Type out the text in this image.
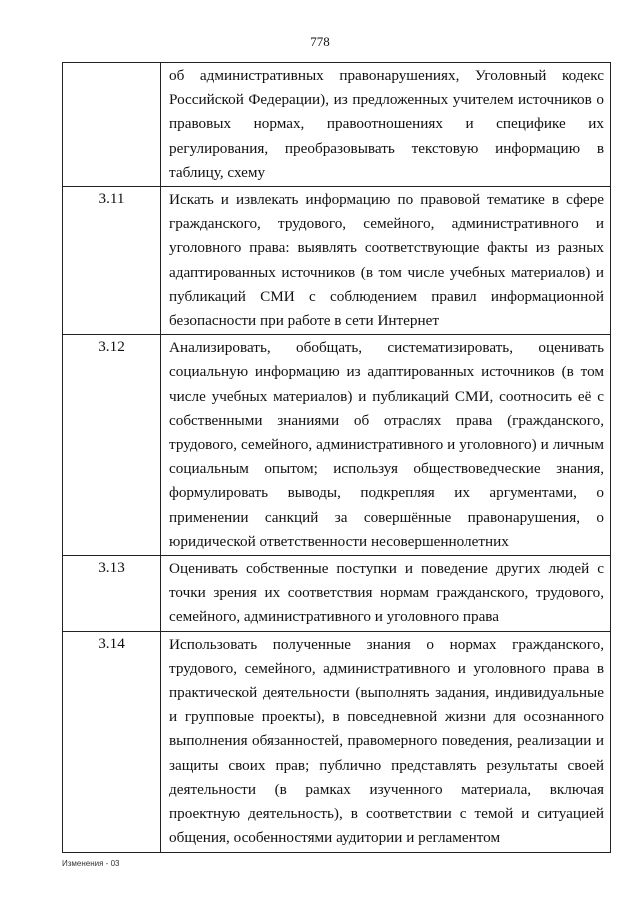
778
	об административных правонарушениях, Уголовный кодекс Российской Федерации), из предложенных учителем источников о правовых нормах, правоотношениях и специфике их регулирования, преобразовывать текстовую информацию в таблицу, схему
3.11	Искать и извлекать информацию по правовой тематике в сфере гражданского, трудового, семейного, административного и уголовного права: выявлять соответствующие факты из разных адаптированных источников (в том числе учебных материалов) и публикаций СМИ с соблюдением правил информационной безопасности при работе в сети Интернет
3.12	Анализировать, обобщать, систематизировать, оценивать социальную информацию из адаптированных источников (в том числе учебных материалов) и публикаций СМИ, соотносить её с собственными знаниями об отраслях права (гражданского, трудового, семейного, административного и уголовного) и личным социальным опытом; используя обществоведческие знания, формулировать выводы, подкрепляя их аргументами, о применении санкций за совершённые правонарушения, о юридической ответственности несовершеннолетних
3.13	Оценивать собственные поступки и поведение других людей с точки зрения их соответствия нормам гражданского, трудового, семейного, административного и уголовного права
3.14	Использовать полученные знания о нормах гражданского, трудового, семейного, административного и уголовного права в практической деятельности (выполнять задания, индивидуальные и групповые проекты), в повседневной жизни для осознанного выполнения обязанностей, правомерного поведения, реализации и защиты своих прав; публично представлять результаты своей деятельности (в рамках изученного материала, включая проектную деятельность), в соответствии с темой и ситуацией общения, особенностями аудитории и регламентом
Изменения - 03
